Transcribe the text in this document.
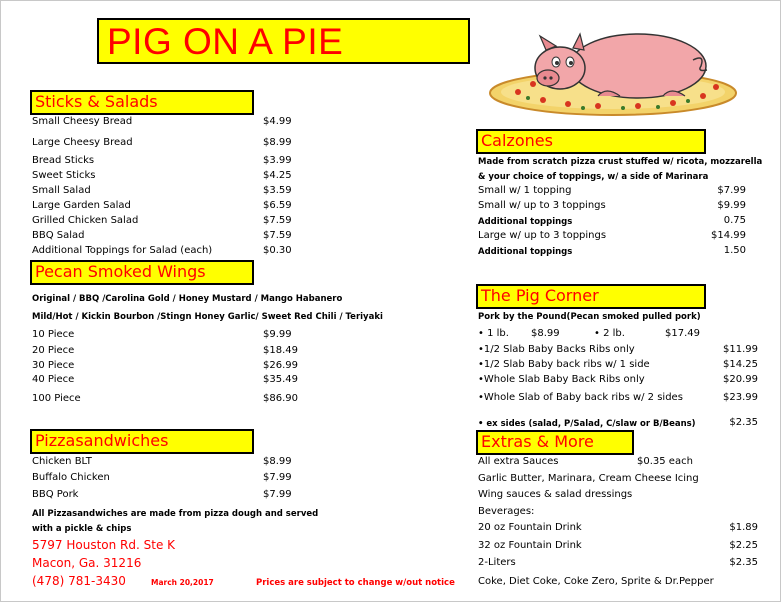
PIG ON A PIE
Sticks & Salads
Small Cheesy Bread	$4.99
Large Cheesy Bread	$8.99
Bread Sticks	$3.99
Sweet Sticks	$4.25
Small Salad	$3.59
Large Garden Salad	$6.59
Grilled Chicken Salad	$7.59
BBQ Salad	$7.59
Additional Toppings for Salad (each)	$0.30
Pecan Smoked Wings
Original / BBQ /Carolina Gold / Honey Mustard / Mango Habanero
Mild/Hot / Kickin Bourbon /Stingn Honey Garlic/ Sweet Red Chili / Teriyaki
10 Piece	$9.99
20 Piece	$18.49
30 Piece	$26.99
40 Piece	$35.49
100 Piece	$86.90
Pizzasandwiches
Chicken BLT	$8.99
Buffalo Chicken	$7.99
BBQ Pork	$7.99
All Pizzasandwiches are made from pizza dough and served
with a pickle & chips
5797 Houston Rd. Ste K
Macon, Ga. 31216
(478) 781-3430	March 20,2017	Prices are subject to change w/out notice
Calzones
Made from scratch pizza crust stuffed w/ ricota, mozzarella
& your choice of toppings, w/ a side of Marinara
Small w/ 1 topping	$7.99
Small w/ up to 3 toppings	$9.99
Additional toppings	0.75
Large w/ up to 3 toppings	$14.99
Additional toppings	1.50
The Pig Corner
Pork by the Pound(Pecan smoked pulled pork)
• 1 lb. $8.99	• 2 lb.	$17.49
•1/2 Slab Baby Backs Ribs only	$11.99
•1/2 Slab Baby back ribs w/ 1 side	$14.25
•Whole Slab Baby Back Ribs only	$20.99
•Whole Slab of Baby back ribs w/ 2 sides	$23.99
• ex sides (salad, P/Salad, C/slaw or B/Beans)	$2.35
Extras & More
All extra Sauces	$0.35 each
Garlic Butter, Marinara, Cream Cheese Icing
Wing sauces & salad dressings
Beverages:
20 oz Fountain Drink	$1.89
32 oz Fountain Drink	$2.25
2-Liters	$2.35
Coke, Diet Coke, Coke Zero, Sprite & Dr.Pepper
